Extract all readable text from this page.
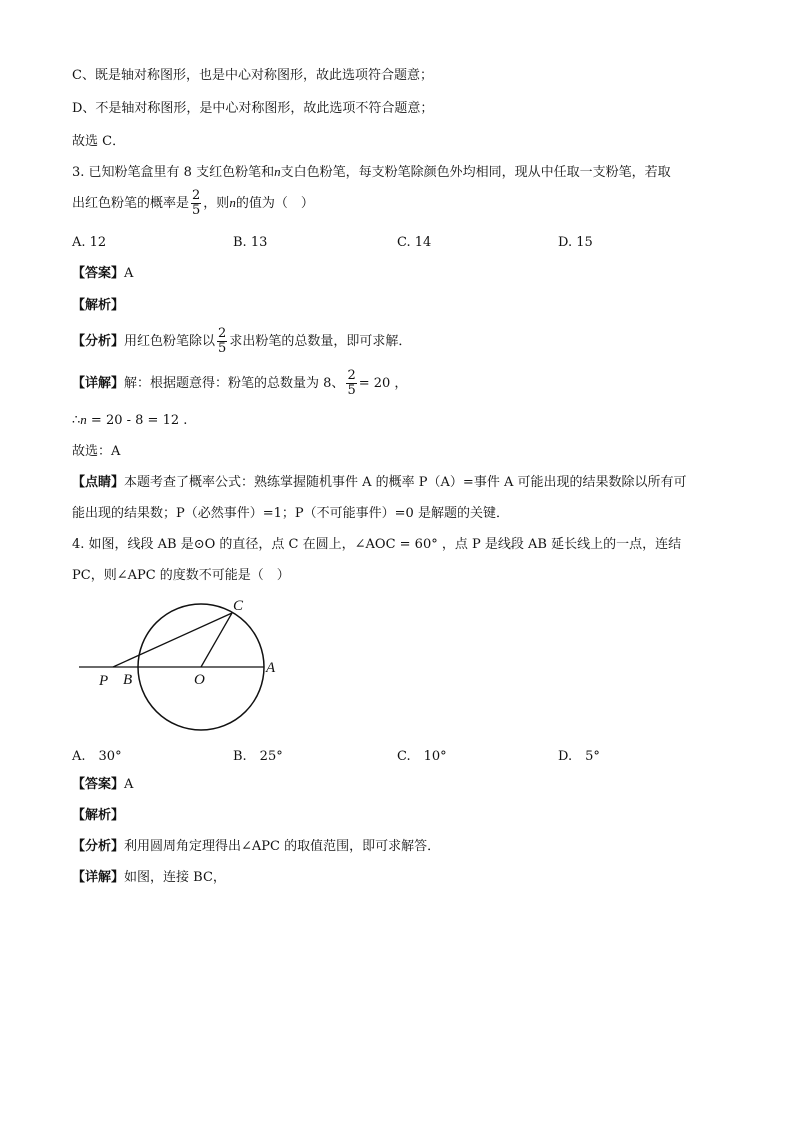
C、既是轴对称图形，也是中心对称图形，故此选项符合题意；
D、不是轴对称图形，是中心对称图形，故此选项不符合题意；
故选 C．
3. 已知粉笔盒里有 8 支红色粉笔和n支白色粉笔，每支粉笔除颜色外均相同，现从中任取一支粉笔，若取
出红色粉笔的概率是 $\frac{2}{5}$ ，则n的值为（　）
A. 12	B. 13	C. 14	D. 15
【答案】A
【解析】
【分析】用红色粉笔除以 $\frac{2}{5}$ 求出粉笔的总数量，即可求解．
【详解】解：根据题意得：粉笔的总数量为 8、 $\frac{2}{5} = 20$ ，
∴n = 20 - 8 = 12 .
故选：A
【点睛】本题考查了概率公式：熟练掌握随机事件 A 的概率 P（A）=事件 A 可能出现的结果数除以所有可
能出现的结果数；P（必然事件）=1；P（不可能事件）=0 是解题的关键．
4. 如图，线段 AB 是⊙O 的直径，点 C 在圆上，∠AOC = 60° ，点 P 是线段 AB 延长线上的一点，连结
PC，则∠APC 的度数不可能是（　）
C
P B	O
A
A.　30°	B.　25°	C.　10°	D.　5°
【答案】A
【解析】
【分析】利用圆周角定理得出∠APC 的取值范围，即可求解答．
【详解】如图，连接 BC，
